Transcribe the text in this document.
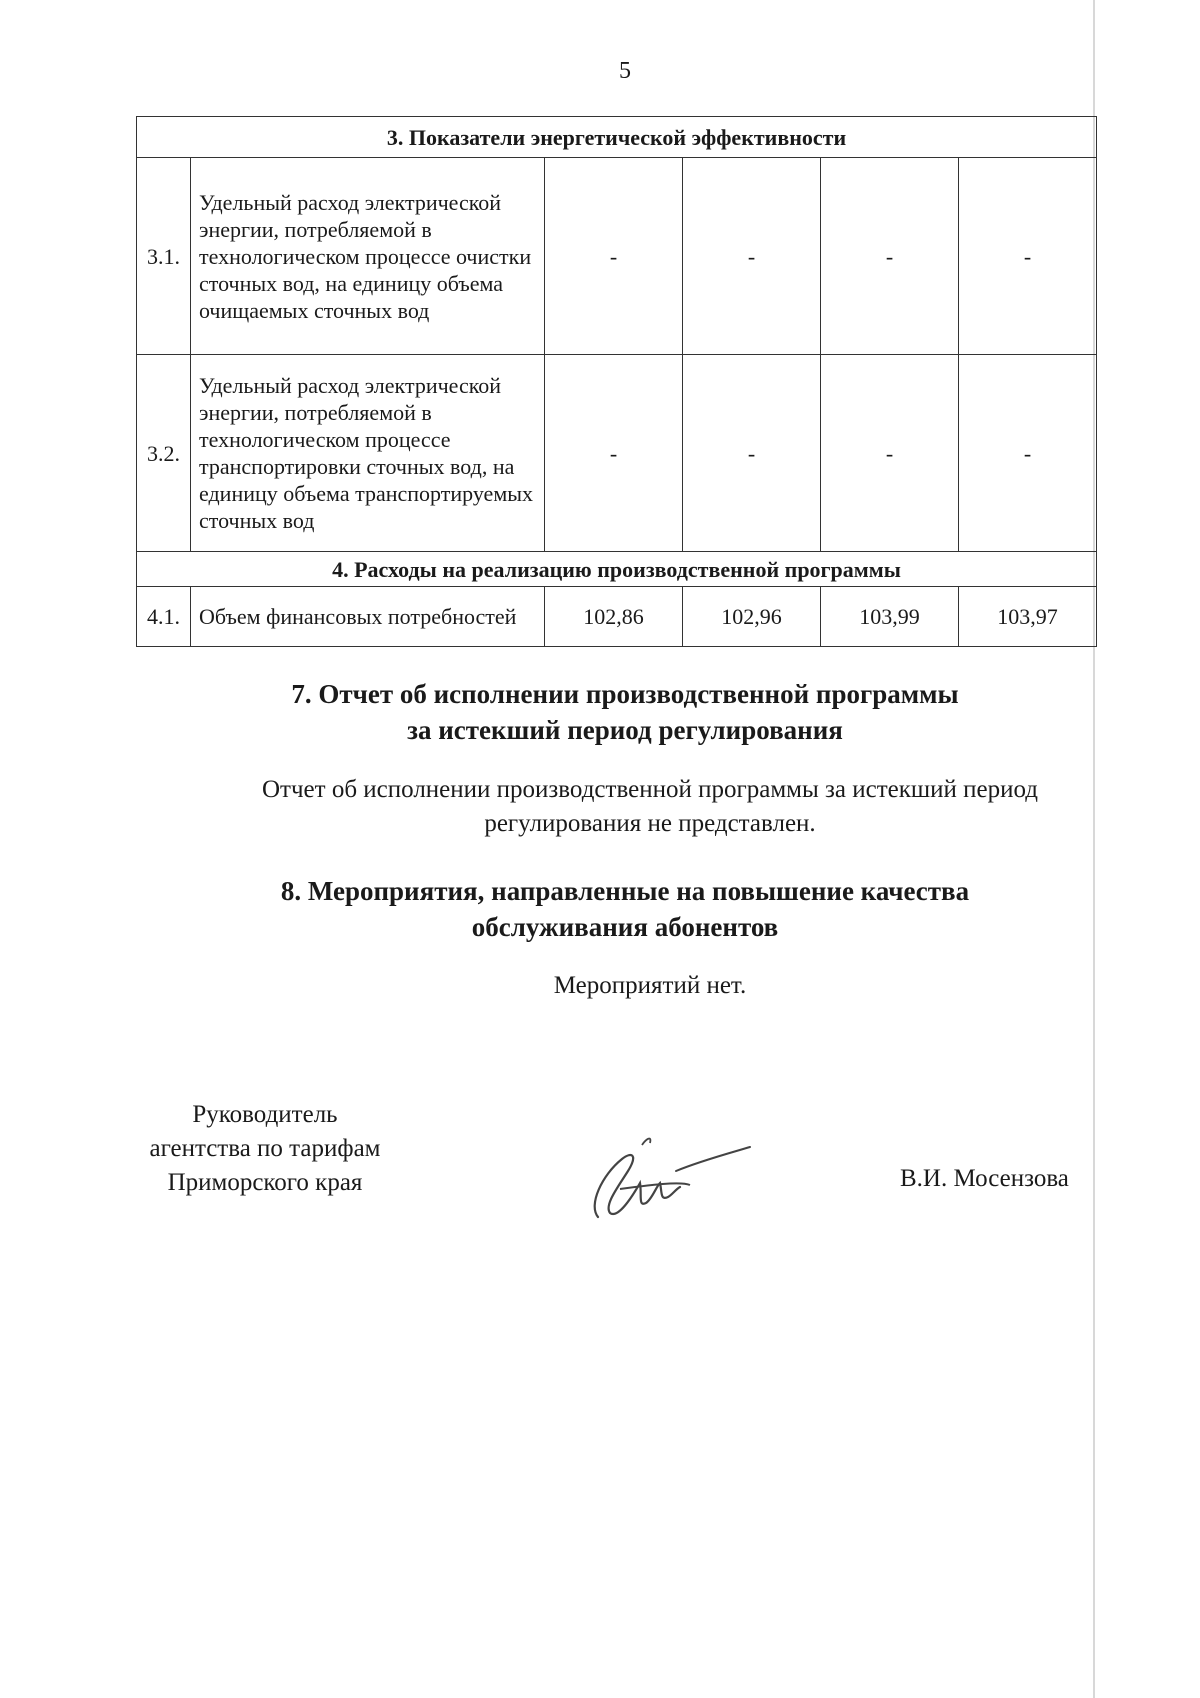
5
3. Показатели энергетической эффективности					
3.1.	Удельный расход электрической энергии, потребляемой в технологическом процессе очистки сточных вод, на единицу объема очищаемых сточных вод	-	-	-	-
3.2.	Удельный расход электрической энергии, потребляемой в технологическом процессе транспортировки сточных вод, на единицу объема транспортируемых сточных вод	-	-	-	-
4. Расходы на реализацию производственной программы					
4.1.	Объем финансовых потребностей	102,86	102,96	103,99	103,97
7. Отчет об исполнении производственной программы
за истекший период регулирования
Отчет об исполнении производственной программы за истекший период
регулирования не представлен.
8. Мероприятия, направленные на повышение качества
обслуживания абонентов
Мероприятий нет.
Руководитель
агентства по тарифам
Приморского края	В.И. Мосензова
